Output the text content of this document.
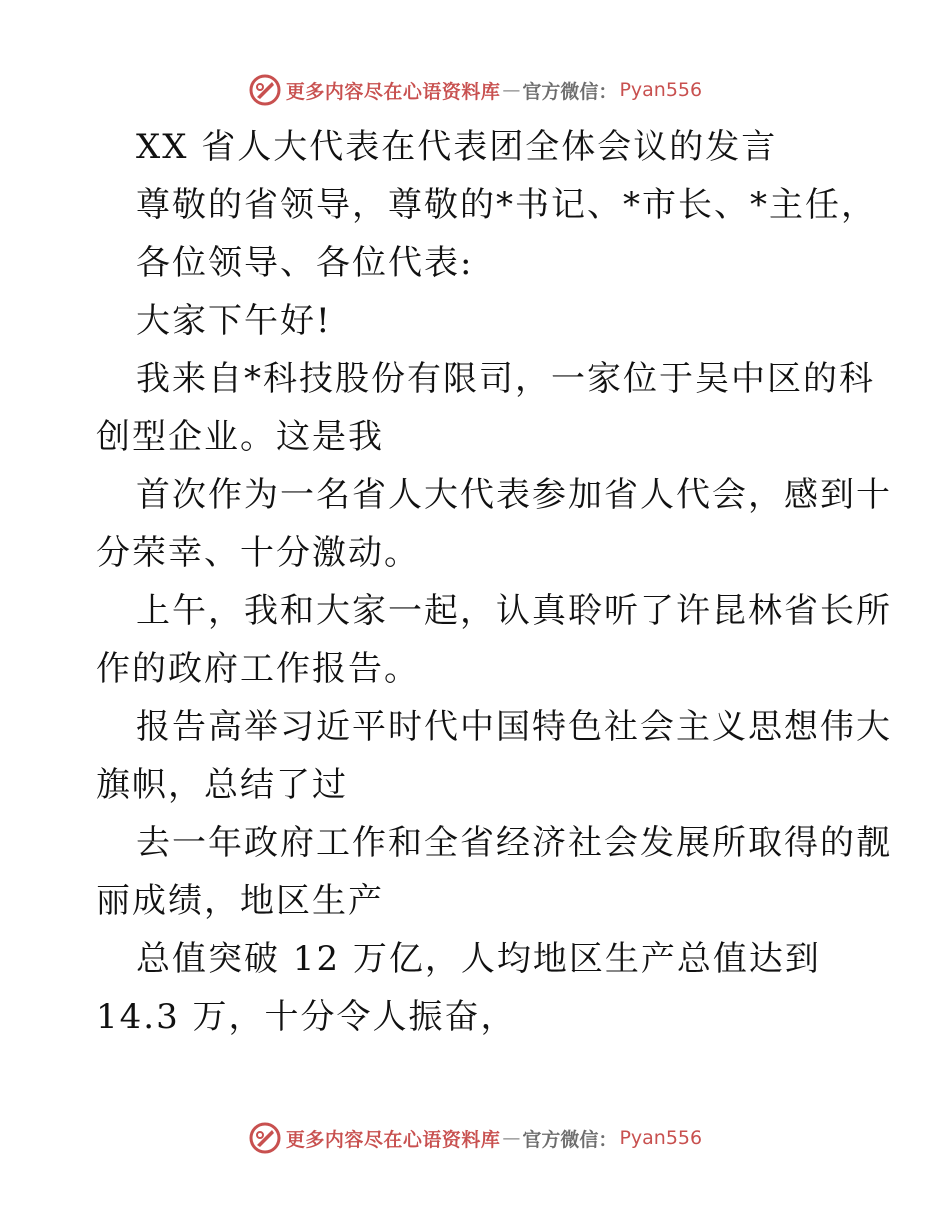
更多内容尽在心语资料库 — 官方微信： Pyan556
XX 省人大代表在代表团全体会议的发言
尊敬的省领导，尊敬的*书记、*市长、*主任，
各位领导、各位代表:
大家下午好!
我来自*科技股份有限司，一家位于吴中区的科
创型企业。这是我
首次作为一名省人大代表参加省人代会，感到十
分荣幸、十分激动。
上午，我和大家一起，认真聆听了许昆林省长所
作的政府工作报告。
报告高举习近平时代中国特色社会主义思想伟大
旗帜，总结了过
去一年政府工作和全省经济社会发展所取得的靓
丽成绩，地区生产
总值突破 12 万亿，人均地区生产总值达到
14.3 万，十分令人振奋，
更多内容尽在心语资料库 — 官方微信： Pyan556
